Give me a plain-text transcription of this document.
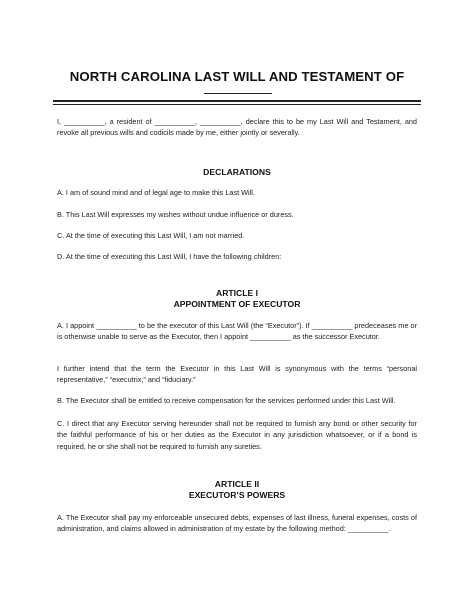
NORTH CAROLINA LAST WILL AND TESTAMENT OF
I, __________, a resident of __________, __________, declare this to be my Last Will and Testament, and revoke all previous wills and codicils made by me, either jointly or severally.
DECLARATIONS
A. I am of sound mind and of legal age to make this Last Will.
B. This Last Will expresses my wishes without undue influence or duress.
C. At the time of executing this Last Will, I am not married.
D. At the time of executing this Last Will, I have the following children:
ARTICLE I
APPOINTMENT OF EXECUTOR
A. I appoint __________ to be the executor of this Last Will (the “Executor”). If __________ predeceases me or is otherwise unable to serve as the Executor, then I appoint __________ as the successor Executor.
I further intend that the term the Executor in this Last Will is synonymous with the terms “personal representative,” “executrix,” and “fiduciary.”
B. The Executor shall be entitled to receive compensation for the services performed under this Last Will.
C. I direct that any Executor serving hereunder shall not be required to furnish any bond or other security for the faithful performance of his or her duties as the Executor in any jurisdiction whatsoever, or if a bond is required, he or she shall not be required to furnish any sureties.
ARTICLE II
EXECUTOR’S POWERS
A. The Executor shall pay my enforceable unsecured debts, expenses of last illness, funeral expenses, costs of administration, and claims allowed in administration of my estate by the following method: __________.
